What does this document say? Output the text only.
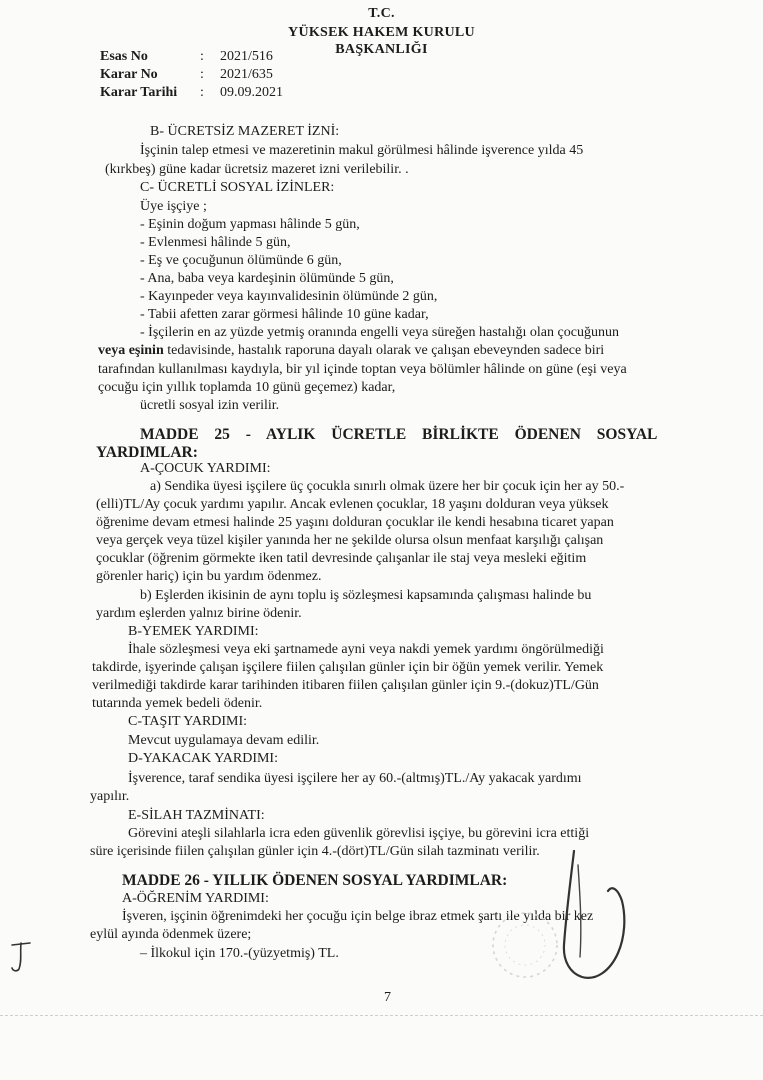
T.C.
YÜKSEK HAKEM KURULU
BAŞKANLIĞI
Esas No	:	2021/516
Karar No	:	2021/635
Karar Tarihi	:	09.09.2021
B- ÜCRETSİZ MAZERET İZNİ:
İşçinin talep etmesi ve mazeretinin makul görülmesi hâlinde işverence yılda 45
(kırkbeş) güne kadar ücretsiz mazeret izni verilebilir. .
C- ÜCRETLİ SOSYAL İZİNLER:
Üye işçiye ;
- Eşinin doğum yapması hâlinde 5 gün,
- Evlenmesi hâlinde 5 gün,
- Eş ve çocuğunun ölümünde 6 gün,
- Ana, baba veya kardeşinin ölümünde 5 gün,
- Kayınpeder veya kayınvalidesinin ölümünde 2 gün,
- Tabii afetten zarar görmesi hâlinde 10 güne kadar,
- İşçilerin en az yüzde yetmiş oranında engelli veya süreğen hastalığı olan çocuğunun
veya eşinin tedavisinde, hastalık raporuna dayalı olarak ve çalışan ebeveynden sadece biri
tarafından kullanılması kaydıyla, bir yıl içinde toptan veya bölümler hâlinde on güne (eşi veya
çocuğu için yıllık toplamda 10 günü geçemez) kadar,
ücretli sosyal izin verilir.
MADDE 25 - AYLIK ÜCRETLE BİRLİKTE ÖDENEN SOSYAL
YARDIMLAR:
A-ÇOCUK YARDIMI:
a) Sendika üyesi işçilere üç çocukla sınırlı olmak üzere her bir çocuk için her ay 50.-
(elli)TL/Ay çocuk yardımı yapılır. Ancak evlenen çocuklar, 18 yaşını dolduran veya yüksek
öğrenime devam etmesi halinde 25 yaşını dolduran çocuklar ile kendi hesabına ticaret yapan
veya gerçek veya tüzel kişiler yanında her ne şekilde olursa olsun menfaat karşılığı çalışan
çocuklar (öğrenim görmekte iken tatil devresinde çalışanlar ile staj veya mesleki eğitim
görenler hariç) için bu yardım ödenmez.
b) Eşlerden ikisinin de aynı toplu iş sözleşmesi kapsamında çalışması halinde bu
yardım eşlerden yalnız birine ödenir.
B-YEMEK YARDIMI:
İhale sözleşmesi veya eki şartnamede ayni veya nakdi yemek yardımı öngörülmediği
takdirde, işyerinde çalışan işçilere fiilen çalışılan günler için bir öğün yemek verilir. Yemek
verilmediği takdirde karar tarihinden itibaren fiilen çalışılan günler için 9.-(dokuz)TL/Gün
tutarında yemek bedeli ödenir.
C-TAŞIT YARDIMI:
Mevcut uygulamaya devam edilir.
D-YAKACAK YARDIMI:
İşverence, taraf sendika üyesi işçilere her ay 60.-(altmış)TL./Ay yakacak yardımı
yapılır.
E-SİLAH TAZMİNATI:
Görevini ateşli silahlarla icra eden güvenlik görevlisi işçiye, bu görevini icra ettiği
süre içerisinde fiilen çalışılan günler için 4.-(dört)TL/Gün silah tazminatı verilir.
MADDE 26 - YILLIK ÖDENEN SOSYAL YARDIMLAR:
A-ÖĞRENİM YARDIMI:
İşveren, işçinin öğrenimdeki her çocuğu için belge ibraz etmek şartı ile yılda bir kez
eylül ayında ödenmek üzere;
– İlkokul için 170.-(yüzyetmiş) TL.
7
